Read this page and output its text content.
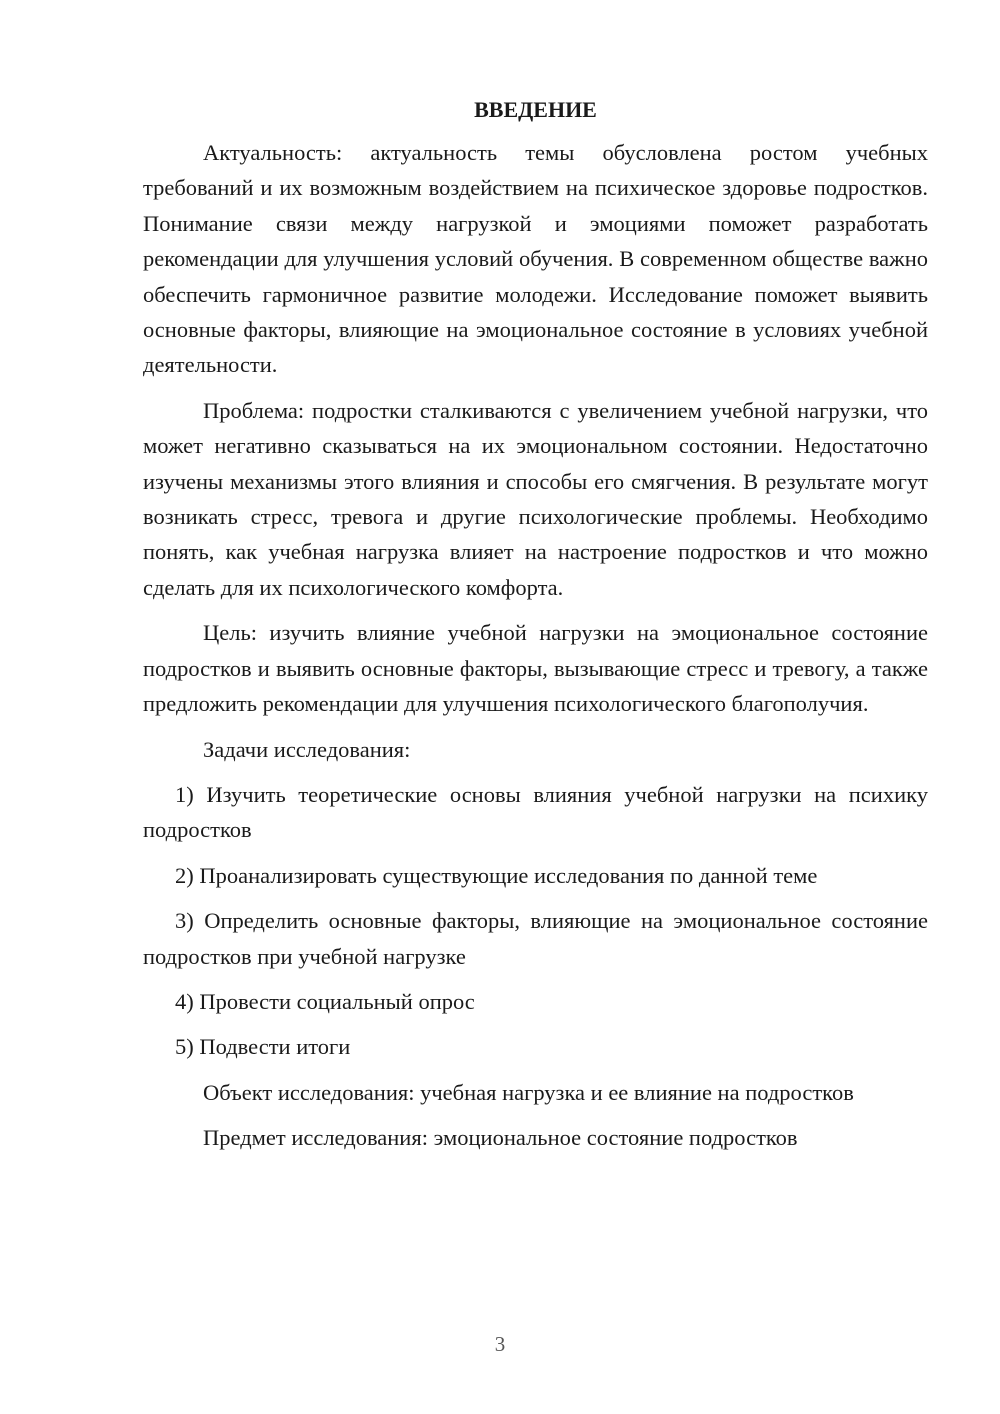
ВВЕДЕНИЕ

Актуальность: актуальность темы обусловлена ростом учебных требований и их возможным воздействием на психическое здоровье подростков. Понимание связи между нагрузкой и эмоциями поможет разработать рекомендации для улучшения условий обучения. В современном обществе важно обеспечить гармоничное развитие молодежи. Исследование поможет выявить основные факторы, влияющие на эмоциональное состояние в условиях учебной деятельности.

Проблема: подростки сталкиваются с увеличением учебной нагрузки, что может негативно сказываться на их эмоциональном состоянии. Недостаточно изучены механизмы этого влияния и способы его смягчения. В результате могут возникать стресс, тревога и другие психологические проблемы. Необходимо понять, как учебная нагрузка влияет на настроение подростков и что можно сделать для их психологического комфорта.

Цель: изучить влияние учебной нагрузки на эмоциональное состояние подростков и выявить основные факторы, вызывающие стресс и тревогу, а также предложить рекомендации для улучшения психологического благополучия.

Задачи исследования:

1) Изучить теоретические основы влияния учебной нагрузки на психику подростков

2) Проанализировать существующие исследования по данной теме

3) Определить основные факторы, влияющие на эмоциональное состояние подростков при учебной нагрузке

4) Провести социальный опрос

5) Подвести итоги

Объект исследования: учебная нагрузка и ее влияние на подростков

Предмет исследования: эмоциональное состояние подростков

3
